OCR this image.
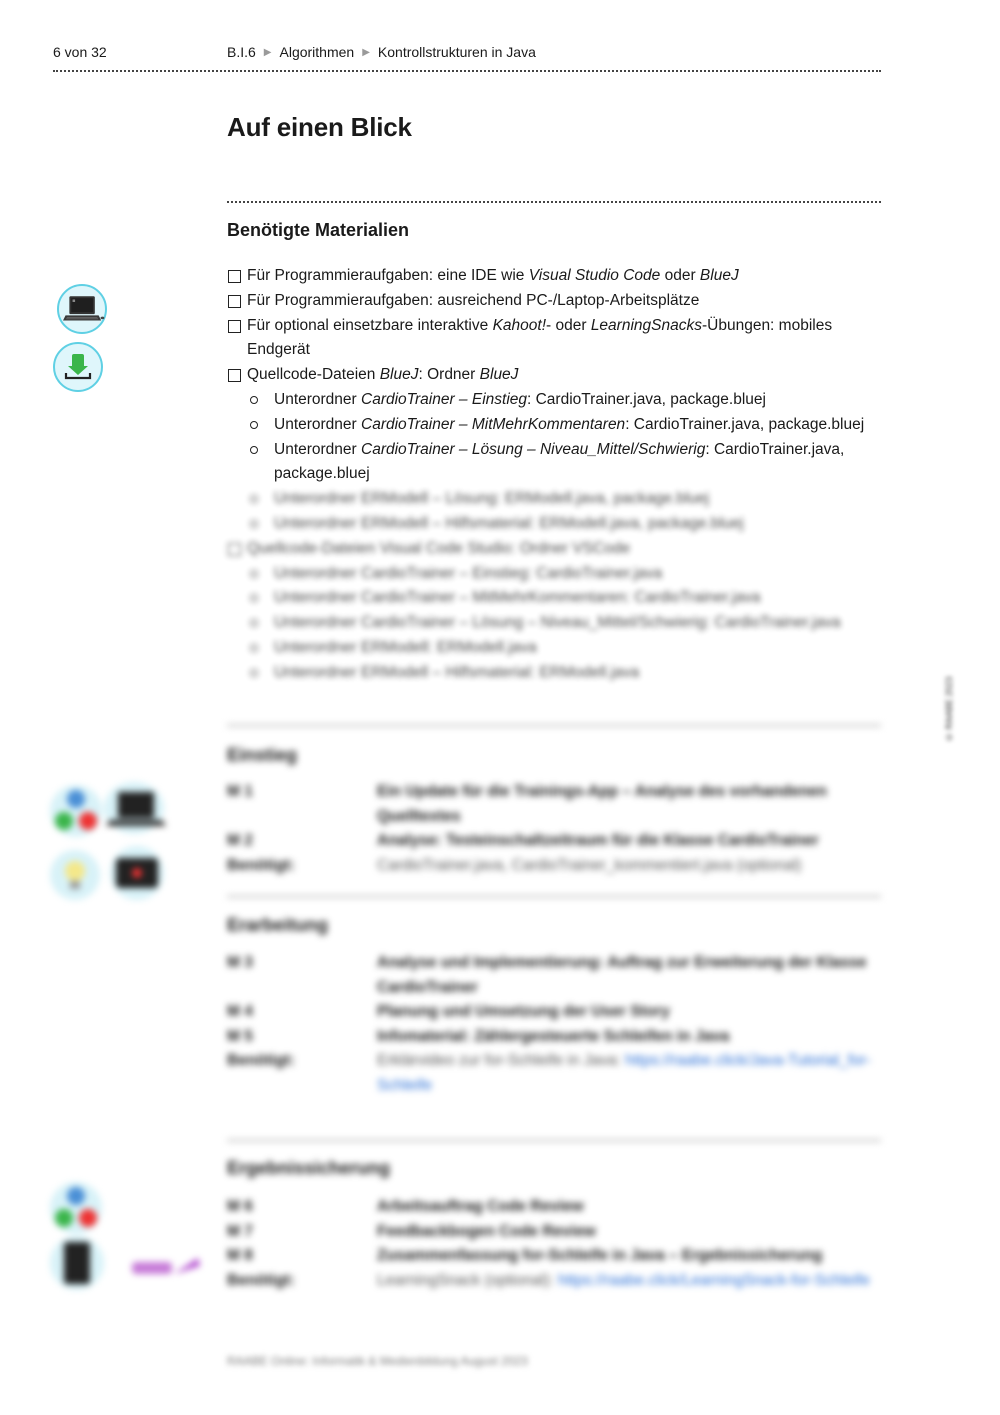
6 von 32	B.I.6 ▶ Algorithmen ▶ Kontrollstrukturen in Java
Auf einen Blick
Benötigte Materialien
Für Programmieraufgaben: eine IDE wie Visual Studio Code oder BlueJ
Für Programmieraufgaben: ausreichend PC-/Laptop-Arbeitsplätze
Für optional einsetzbare interaktive Kahoot!- oder LearningSnacks-Übungen: mobiles Endgerät
Quellcode-Dateien BlueJ: Ordner BlueJ
Unterordner CardioTrainer – Einstieg: CardioTrainer.java, package.bluej
Unterordner CardioTrainer – MitMehrKommentaren: CardioTrainer.java, package.bluej
Unterordner CardioTrainer – Lösung – Niveau_Mittel/Schwierig: CardioTrainer.java, package.bluej
Unterordner ERModell – Lösung: ERModell.java, package.bluej
Unterordner ERModell – Hilfsmaterial: ERModell.java, package.bluej
Quellcode-Dateien Visual Code Studio: Ordner VSCode
Unterordner CardioTrainer – Einstieg: CardioTrainer.java
Unterordner CardioTrainer – MitMehrKommentaren: CardioTrainer.java
Unterordner CardioTrainer – Lösung – Niveau_Mittel/Schwierig: CardioTrainer.java
Unterordner ERModell: ERModell.java
Unterordner ERModell – Hilfsmaterial: ERModell.java
Einstieg
M 1	Ein Update für die Trainings-App – Analyse des vorhandenen Quelltextes
M 2	Analyse: Testeinschaltzeitraum für die Klasse CardioTrainer
Benötigt:	CardioTrainer.java, CardioTrainer_kommentiert.java (optional)
Erarbeitung
M 3	Analyse und Implementierung: Auftrag zur Erweiterung der Klasse CardioTrainer
M 4	Planung und Umsetzung der User Story
M 5	Infomaterial: Zählergesteuerte Schleifen in Java
Benötigt:	Erklärvideo zur for-Schleife in Java: https://raabe.click/Java-Tutorial_for-Schleife
Ergebnissicherung
M 6	Arbeitsauftrag Code Review
M 7	Feedbackbogen Code Review
M 8	Zusammenfassung for-Schleife in Java – Ergebnissicherung
Benötigt:	LearningSnack (optional): https://raabe.click/LearningSnack-for-Schleife
© RAABE 2023
RAABE Online: Informatik & Medienbildung August 2023
